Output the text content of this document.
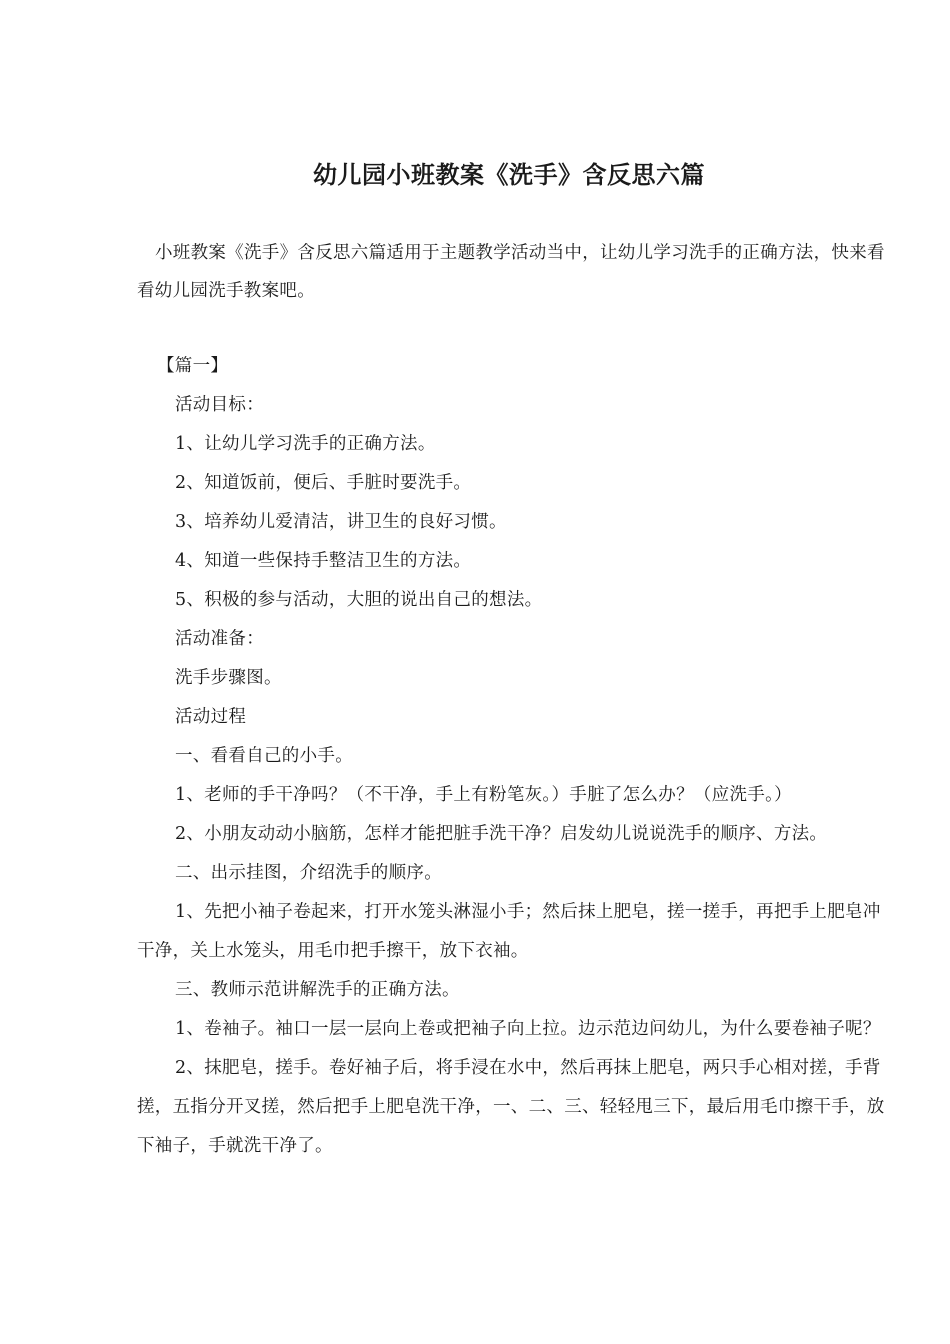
幼儿园小班教案《洗手》含反思六篇

小班教案《洗手》含反思六篇适用于主题教学活动当中，让幼儿学习洗手的正确方法，快来看看幼儿园洗手教案吧。

【篇一】

活动目标：

1、让幼儿学习洗手的正确方法。

2、知道饭前，便后、手脏时要洗手。

3、培养幼儿爱清洁，讲卫生的良好习惯。

4、知道一些保持手整洁卫生的方法。

5、积极的参与活动，大胆的说出自己的想法。

活动准备：

洗手步骤图。

活动过程

一、看看自己的小手。

1、老师的手干净吗？（不干净，手上有粉笔灰。）手脏了怎么办？（应洗手。）

2、小朋友动动小脑筋，怎样才能把脏手洗干净？启发幼儿说说洗手的顺序、方法。

二、出示挂图，介绍洗手的顺序。

1、先把小袖子卷起来，打开水笼头淋湿小手；然后抹上肥皂，搓一搓手，再把手上肥皂冲干净，关上水笼头，用毛巾把手擦干，放下衣袖。

三、教师示范讲解洗手的正确方法。

1、卷袖子。袖口一层一层向上卷或把袖子向上拉。边示范边问幼儿，为什么要卷袖子呢？

2、抹肥皂，搓手。卷好袖子后，将手浸在水中，然后再抹上肥皂，两只手心相对搓，手背搓，五指分开叉搓，然后把手上肥皂洗干净，一、二、三、轻轻甩三下，最后用毛巾擦干手，放下袖子，手就洗干净了。
